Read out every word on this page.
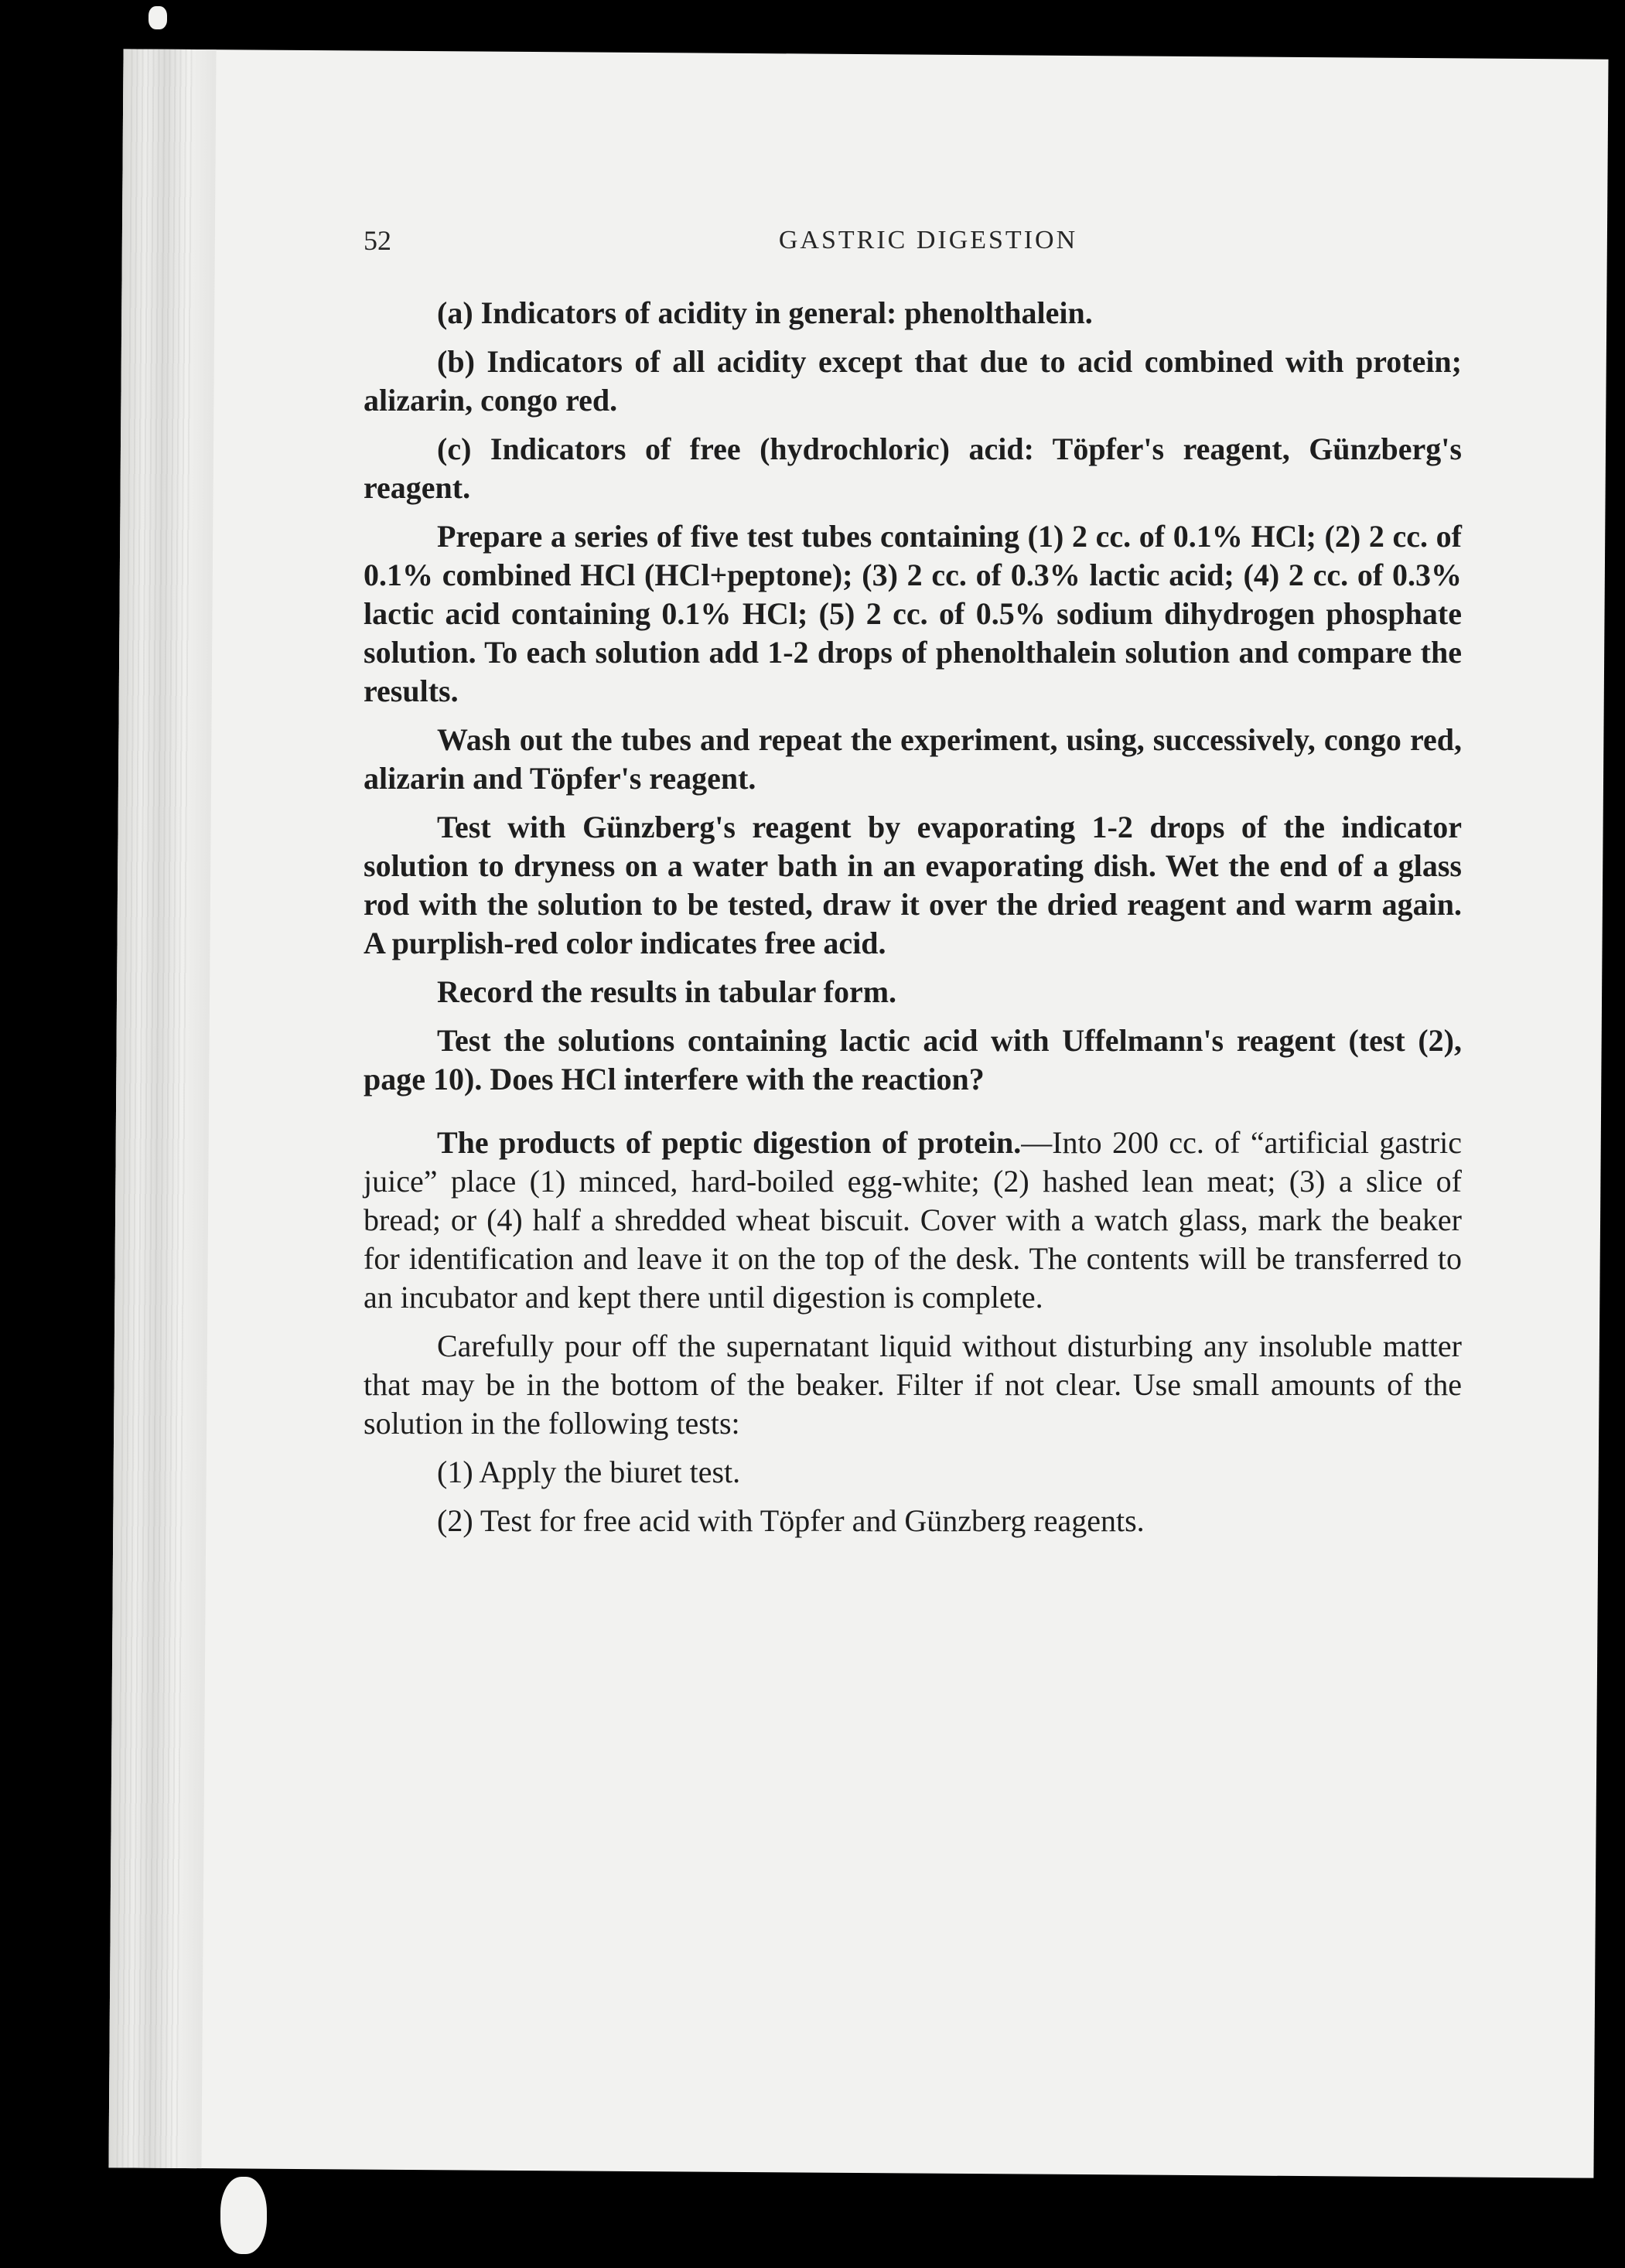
52	GASTRIC DIGESTION

(a) Indicators of acidity in general: phenolthalein.

(b) Indicators of all acidity except that due to acid combined with protein; alizarin, congo red.

(c) Indicators of free (hydrochloric) acid: Töpfer's reagent, Günzberg's reagent.

Prepare a series of five test tubes containing (1) 2 cc. of 0.1% HCl; (2) 2 cc. of 0.1% combined HCl (HCl+peptone); (3) 2 cc. of 0.3% lactic acid; (4) 2 cc. of 0.3% lactic acid containing 0.1% HCl; (5) 2 cc. of 0.5% sodium dihydrogen phosphate solution. To each solution add 1-2 drops of phenolthalein solution and compare the results.

Wash out the tubes and repeat the experiment, using, successively, congo red, alizarin and Töpfer's reagent.

Test with Günzberg's reagent by evaporating 1-2 drops of the indicator solution to dryness on a water bath in an evaporating dish. Wet the end of a glass rod with the solution to be tested, draw it over the dried reagent and warm again. A purplish-red color indicates free acid.

Record the results in tabular form.

Test the solutions containing lactic acid with Uffelmann's reagent (test (2), page 10). Does HCl interfere with the reaction?

The products of peptic digestion of protein.—Into 200 cc. of “artificial gastric juice” place (1) minced, hard-boiled egg-white; (2) hashed lean meat; (3) a slice of bread; or (4) half a shredded wheat biscuit. Cover with a watch glass, mark the beaker for identification and leave it on the top of the desk. The contents will be transferred to an incubator and kept there until digestion is complete.

Carefully pour off the supernatant liquid without disturbing any insoluble matter that may be in the bottom of the beaker. Filter if not clear. Use small amounts of the solution in the following tests:

(1) Apply the biuret test.

(2) Test for free acid with Töpfer and Günzberg reagents.
